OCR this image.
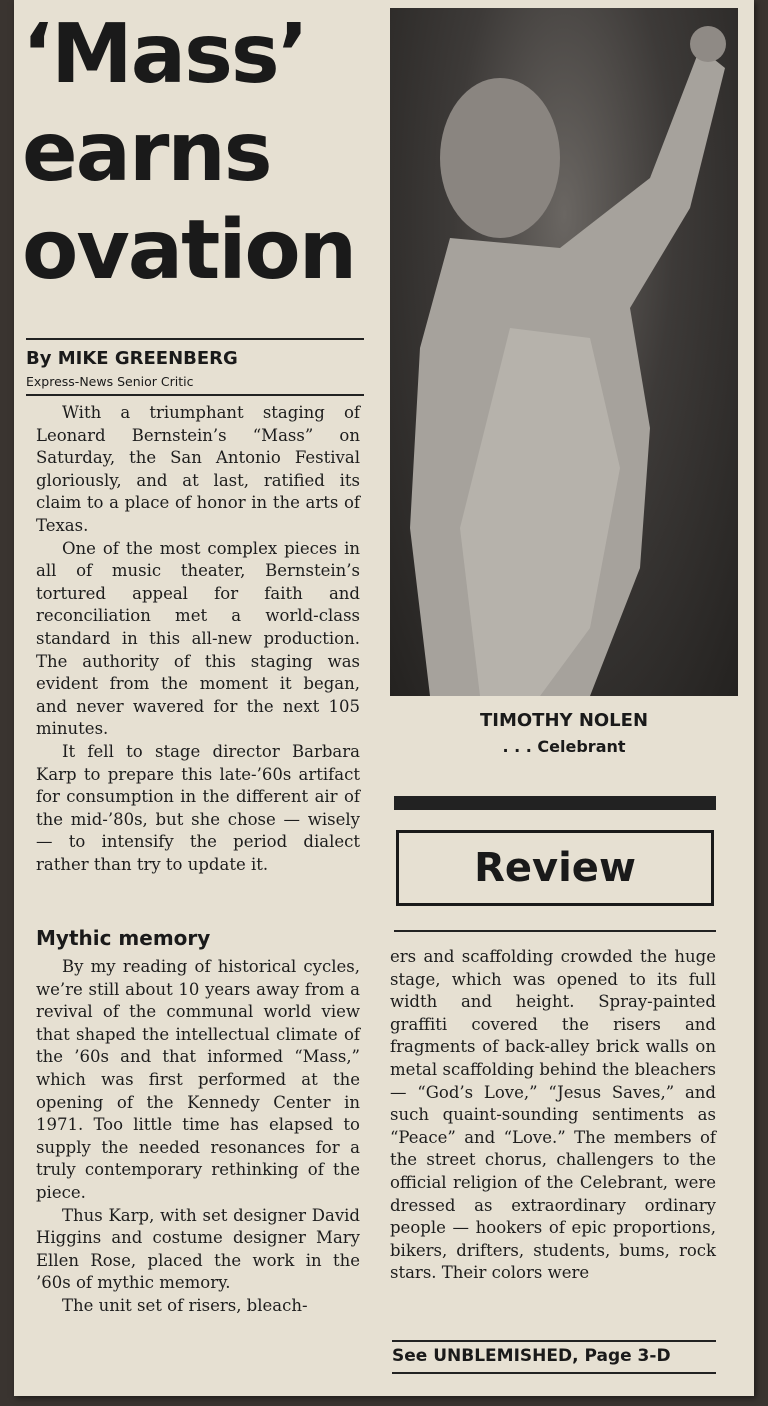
‘Mass’
earns
ovation
By MIKE GREENBERG
Express-News Senior Critic

With a triumphant staging of Leonard Bernstein’s “Mass” on Saturday, the San Antonio Festival gloriously, and at last, ratified its claim to a place of honor in the arts of Texas.

One of the most complex pieces in all of music theater, Bernstein’s tortured appeal for faith and reconciliation met a world-class standard in this all-new production. The authority of this staging was evident from the moment it began, and never wavered for the next 105 minutes.

It fell to stage director Barbara Karp to prepare this late-’60s artifact for consumption in the different air of the mid-’80s, but she chose — wisely — to intensify the period dialect rather than try to update it.

Mythic memory

By my reading of historical cycles, we’re still about 10 years away from a revival of the communal world view that shaped the intellectual climate of the ’60s and that informed “Mass,” which was first performed at the opening of the Kennedy Center in 1971. Too little time has elapsed to supply the needed resonances for a truly contemporary rethinking of the piece.

Thus Karp, with set designer David Higgins and costume designer Mary Ellen Rose, placed the work in the ’60s of mythic memory.

The unit set of risers, bleach-

TIMOTHY NOLEN
. . . Celebrant
Review

ers and scaffolding crowded the huge stage, which was opened to its full width and height. Spray-painted graffiti covered the risers and fragments of back-alley brick walls on metal scaffolding behind the bleachers — “God’s Love,” “Jesus Saves,” and such quaint-sounding sentiments as “Peace” and “Love.” The members of the street chorus, challengers to the official religion of the Celebrant, were dressed as extraordinary ordinary people — hookers of epic proportions, bikers, drifters, students, bums, rock stars. Their colors were

See UNBLEMISHED, Page 3-D
